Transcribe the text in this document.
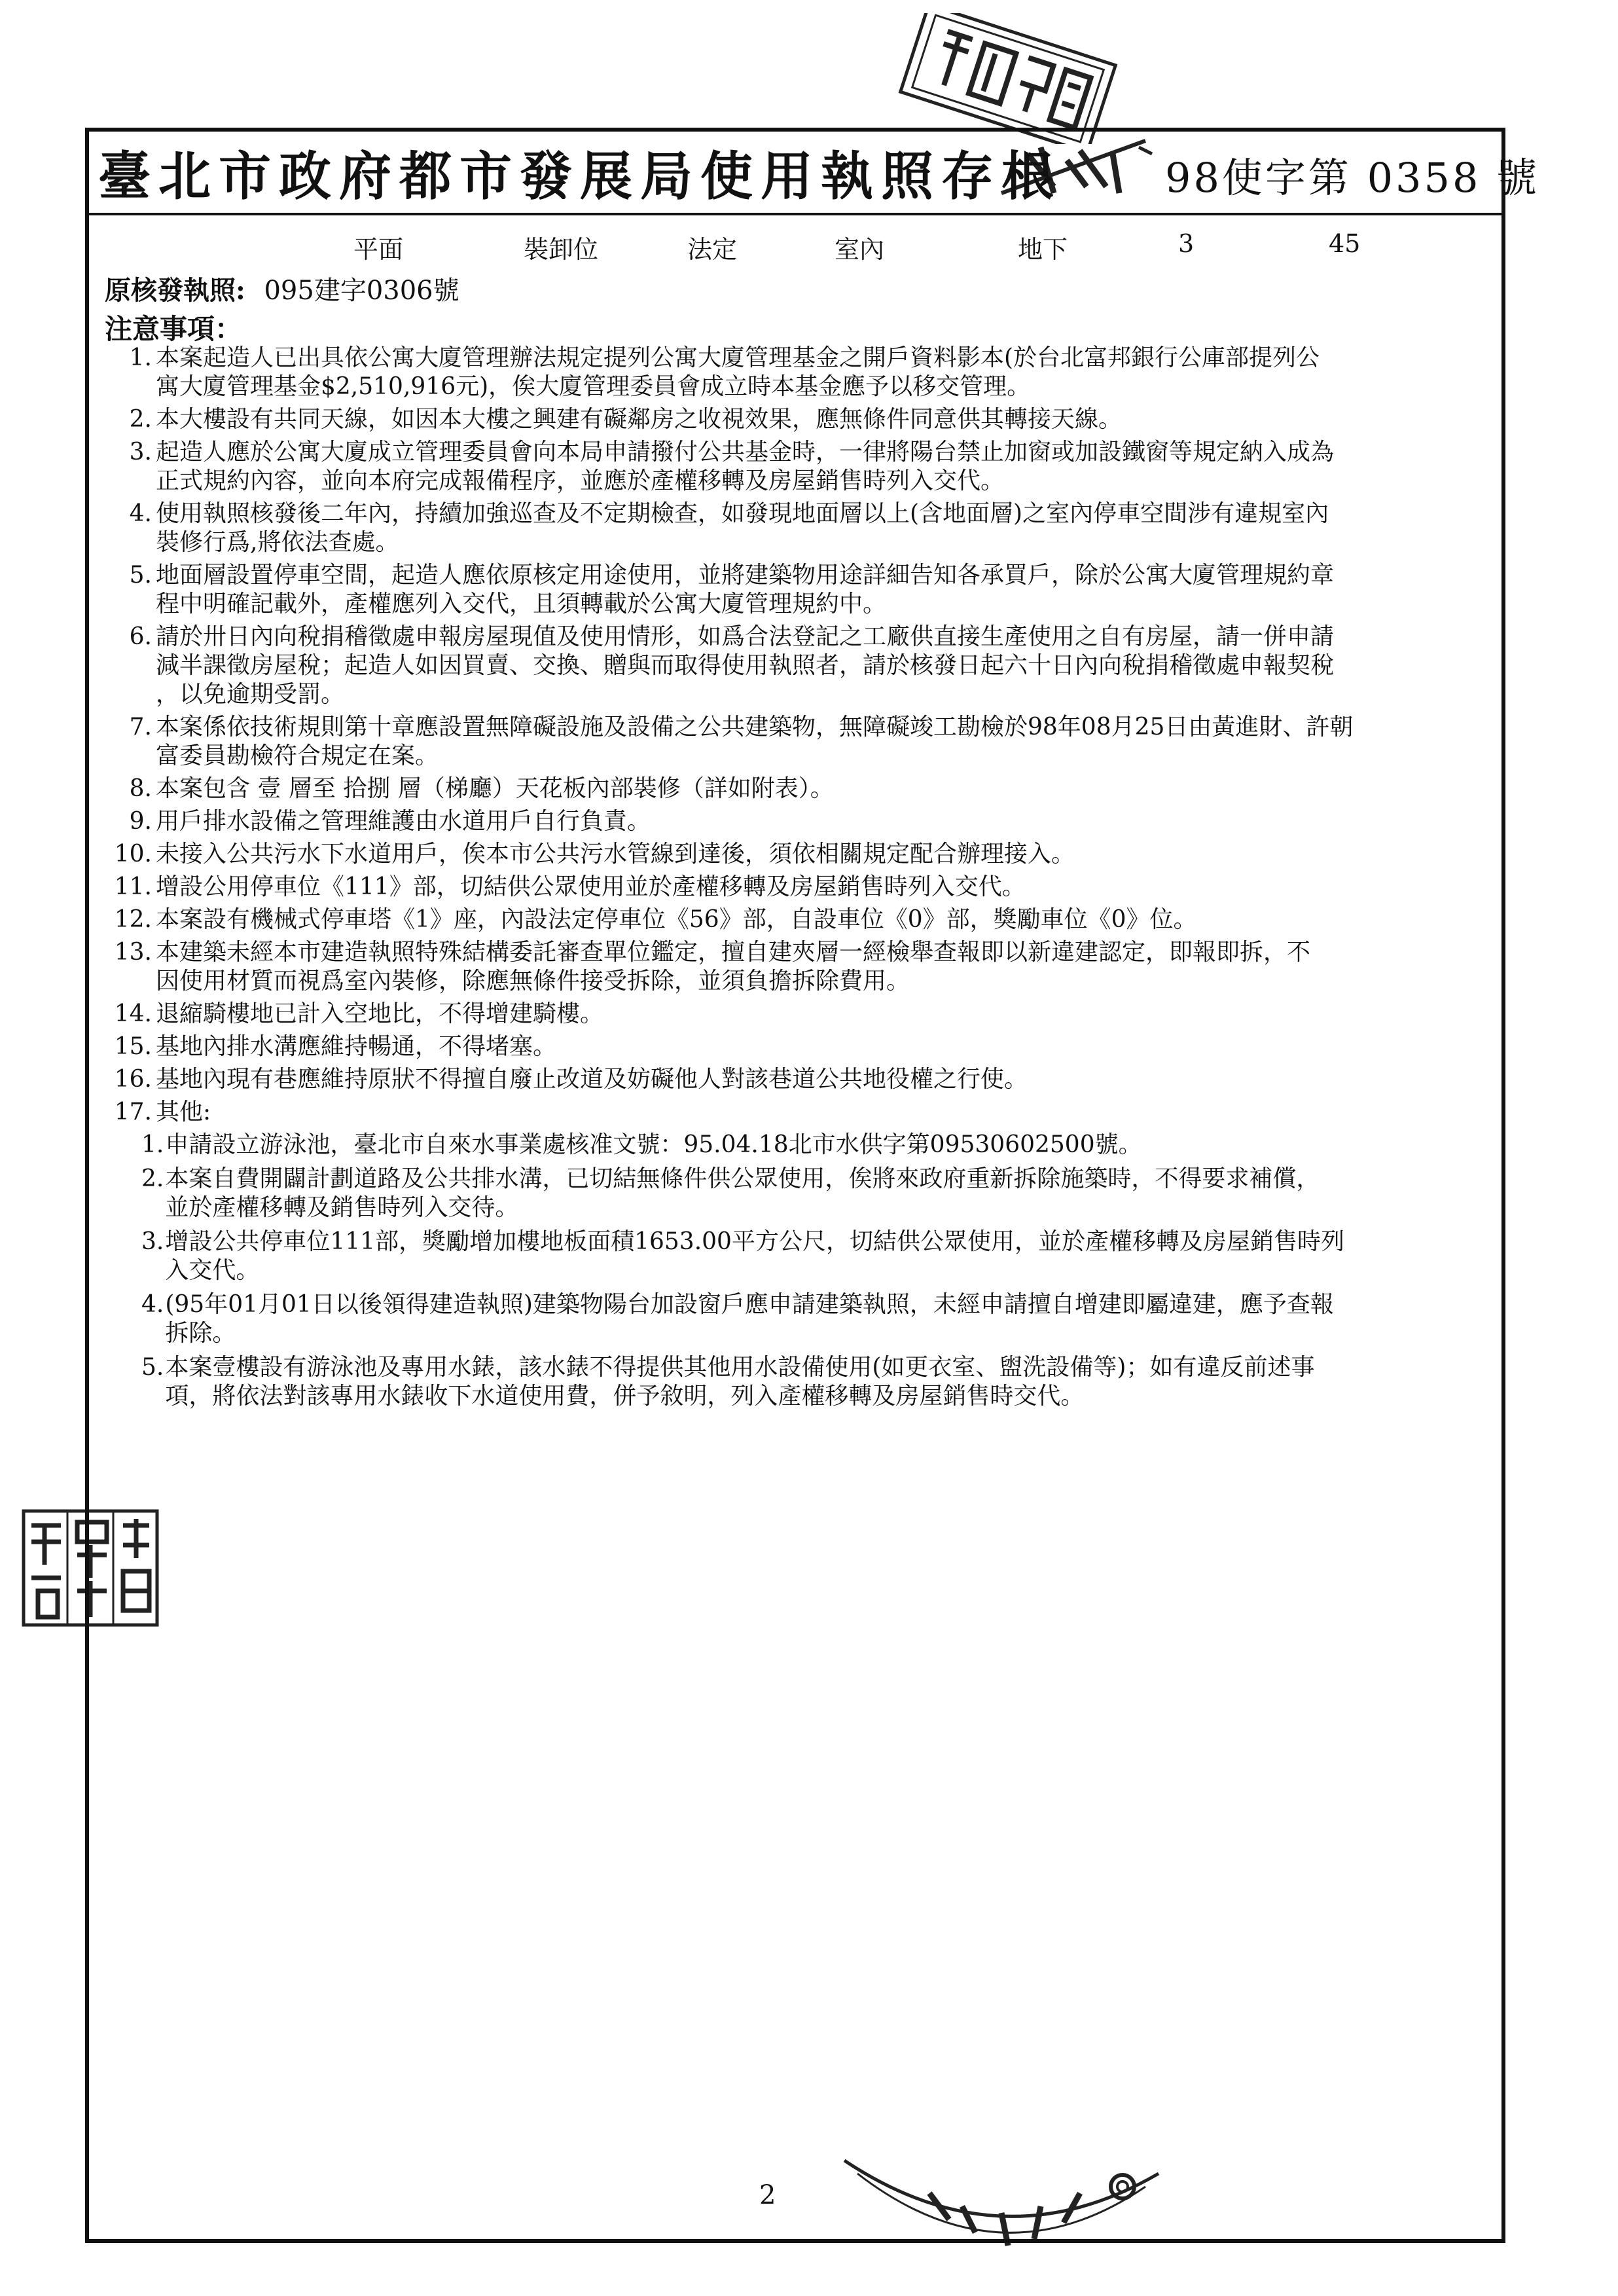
臺北市政府都市發展局使用執照存根	98使字第 0358 號
平面	裝卸位	法定	室內	地下	3	45
原核發執照: 095建字0306號
注意事項：
1. 本案起造人已出具依公寓大廈管理辦法規定提列公寓大廈管理基金之開戶資料影本(於台北富邦銀行公庫部提列公
寓大廈管理基金$2,510,916元)，俟大廈管理委員會成立時本基金應予以移交管理。
2. 本大樓設有共同天線，如因本大樓之興建有礙鄰房之收視效果，應無條件同意供其轉接天線。
3. 起造人應於公寓大廈成立管理委員會向本局申請撥付公共基金時，一律將陽台禁止加窗或加設鐵窗等規定納入成為
正式規約內容，並向本府完成報備程序，並應於產權移轉及房屋銷售時列入交代。
4. 使用執照核發後二年內，持續加強巡查及不定期檢查，如發現地面層以上(含地面層)之室內停車空間涉有違規室內
裝修行爲,將依法查處。
5. 地面層設置停車空間，起造人應依原核定用途使用，並將建築物用途詳細告知各承買戶，除於公寓大廈管理規約章
程中明確記載外，產權應列入交代，且須轉載於公寓大廈管理規約中。
6. 請於卅日內向稅捐稽徵處申報房屋現值及使用情形，如爲合法登記之工廠供直接生產使用之自有房屋，請一併申請
減半課徵房屋稅；起造人如因買賣、交換、贈與而取得使用執照者，請於核發日起六十日內向稅捐稽徵處申報契稅
，以免逾期受罰。
7. 本案係依技術規則第十章應設置無障礙設施及設備之公共建築物，無障礙竣工勘檢於98年08月25日由黃進財、許朝
富委員勘檢符合規定在案。
8. 本案包含 壹 層至 拾捌 層（梯廳）天花板內部裝修（詳如附表）。
9. 用戶排水設備之管理維護由水道用戶自行負責。
10. 未接入公共污水下水道用戶，俟本市公共污水管線到達後，須依相關規定配合辦理接入。
11. 增設公用停車位《111》部，切結供公眾使用並於產權移轉及房屋銷售時列入交代。
12. 本案設有機械式停車塔《1》座，內設法定停車位《56》部，自設車位《0》部，獎勵車位《0》位。
13. 本建築未經本市建造執照特殊結構委託審查單位鑑定，擅自建夾層一經檢舉查報即以新違建認定，即報即拆，不
因使用材質而視爲室內裝修，除應無條件接受拆除，並須負擔拆除費用。
14. 退縮騎樓地已計入空地比，不得增建騎樓。
15. 基地內排水溝應維持暢通，不得堵塞。
16. 基地內現有巷應維持原狀不得擅自廢止改道及妨礙他人對該巷道公共地役權之行使。
17. 其他:
1. 申請設立游泳池，臺北市自來水事業處核准文號：95.04.18北市水供字第09530602500號。
2. 本案自費開闢計劃道路及公共排水溝，已切結無條件供公眾使用，俟將來政府重新拆除施築時，不得要求補償，
並於產權移轉及銷售時列入交待。
3. 增設公共停車位111部，獎勵增加樓地板面積1653.00平方公尺，切結供公眾使用，並於產權移轉及房屋銷售時列
入交代。
4. (95年01月01日以後領得建造執照)建築物陽台加設窗戶應申請建築執照，未經申請擅自增建即屬違建，應予查報
拆除。
5. 本案壹樓設有游泳池及專用水錶，該水錶不得提供其他用水設備使用(如更衣室、盥洗設備等)；如有違反前述事
項，將依法對該專用水錶收下水道使用費，併予敘明，列入產權移轉及房屋銷售時交代。
2
